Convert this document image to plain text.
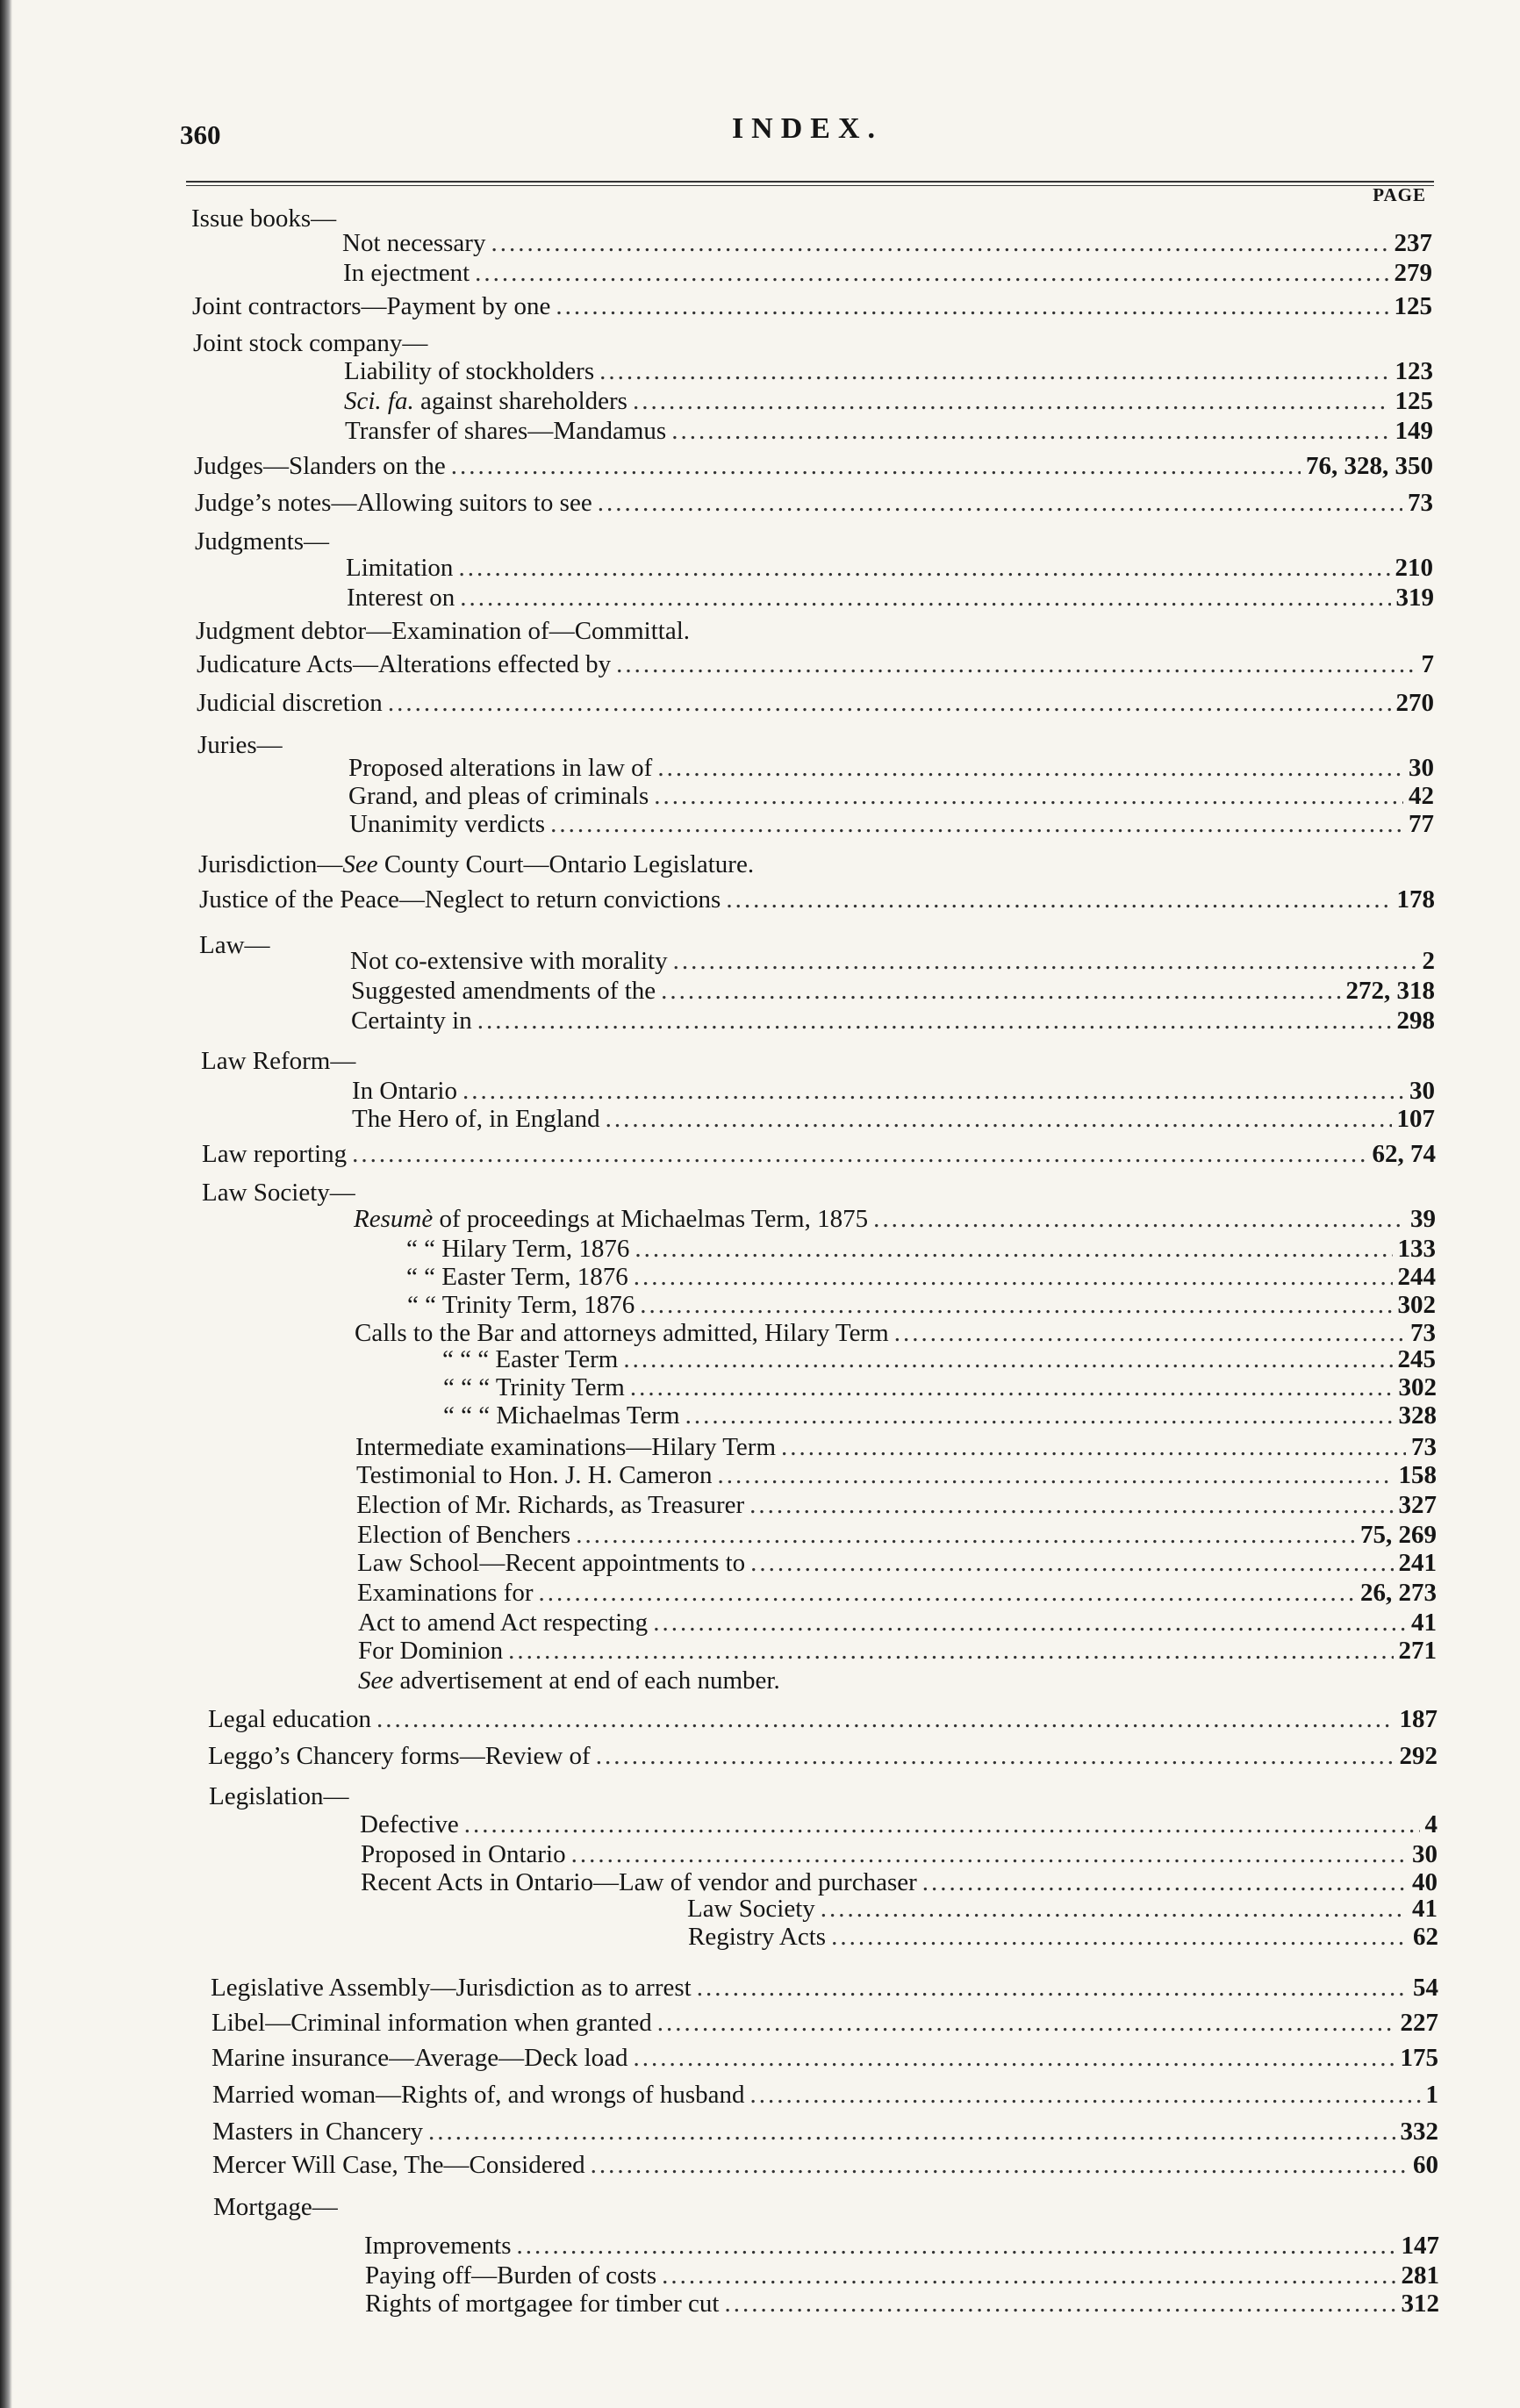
360	INDEX.
PAGE
Issue books—
Not necessary .....	237
In ejectment .....	279
Joint contractors—Payment by one .....	125
Joint stock company—
Liability of stockholders .....	123
Sci. fa. against shareholders .....	125
Transfer of shares—Mandamus .....	149
Judges—Slanders on the .....	76, 328, 350
Judge’s notes—Allowing suitors to see .....	73
Judgments—
Limitation .....	210
Interest on .....	319
Judgment debtor—Examination of—Committal.
Judicature Acts—Alterations effected by .....	7
Judicial discretion .....	270
Juries—
Proposed alterations in law of .....	30
Grand, and pleas of criminals .....	42
Unanimity verdicts .....	77
Jurisdiction—See County Court—Ontario Legislature.
Justice of the Peace—Neglect to return convictions .....	178
Law—
Not co-extensive with morality .....	2
Suggested amendments of the .....	272, 318
Certainty in .....	298
Law Reform—
In Ontario .....	30
The Hero of, in England .....	107
Law reporting .....	62, 74
Law Society—
Resumè of proceedings at Michaelmas Term, 1875 .....	39
“ “ Hilary Term, 1876 .....	133
“ “ Easter Term, 1876 .....	244
“ “ Trinity Term, 1876 .....	302
Calls to the Bar and attorneys admitted, Hilary Term .....	73
“ “ “ Easter Term .....	245
“ “ “ Trinity Term .....	302
“ “ “ Michaelmas Term .....	328
Intermediate examinations—Hilary Term .....	73
Testimonial to Hon. J. H. Cameron .....	158
Election of Mr. Richards, as Treasurer .....	327
Election of Benchers .....	75, 269
Law School—Recent appointments to .....	241
Examinations for .....	26, 273
Act to amend Act respecting .....	41
For Dominion .....	271
See advertisement at end of each number.
Legal education .....	187
Leggo’s Chancery forms—Review of .....	292
Legislation—
Defective .....	4
Proposed in Ontario .....	30
Recent Acts in Ontario—Law of vendor and purchaser .....	40
Law Society .....	41
Registry Acts .....	62
Legislative Assembly—Jurisdiction as to arrest .....	54
Libel—Criminal information when granted .....	227
Marine insurance—Average—Deck load .....	175
Married woman—Rights of, and wrongs of husband .....	1
Masters in Chancery .....	332
Mercer Will Case, The—Considered .....	60
Mortgage—
Improvements .....	147
Paying off—Burden of costs .....	281
Rights of mortgagee for timber cut .....	312
